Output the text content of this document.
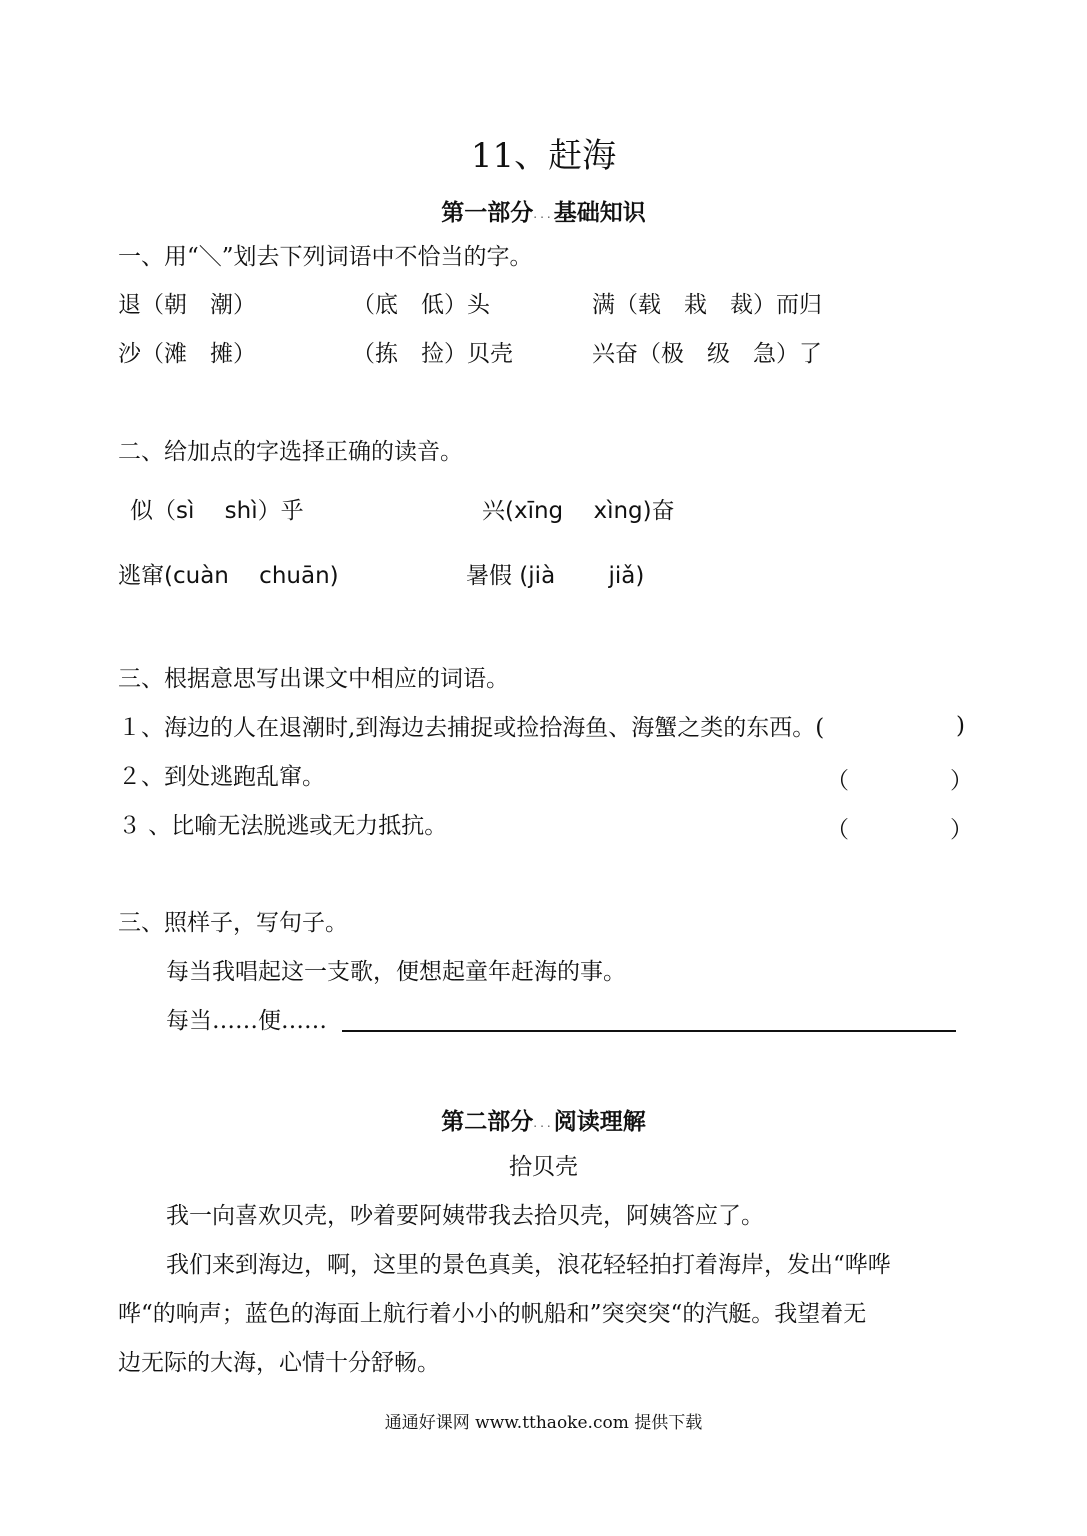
11、赶海
第一部分...基础知识
一、用“＼”划去下列词语中不恰当的字。
退（朝　潮）	（底　低）头	满（载　栽　裁）而归
沙（滩　摊）	（拣　捡）贝壳	兴奋（极　级　急）了
二、给加点的字选择正确的读音。
似（sì　 shì）乎	兴(xīng　 xìng)奋
逃窜(cuàn　 chuān)	暑假 (jià　 　jiǎ)
三、根据意思写出课文中相应的词语。
１、海边的人在退潮时,到海边去捕捉或捡拾海鱼、海蟹之类的东西。(	)
２、到处逃跑乱窜。	（	）
３ 、比喻无法脱逃或无力抵抗。	（	）
三、照样子，写句子。
每当我唱起这一支歌，便想起童年赶海的事。
每当……便……
第二部分...阅读理解
拾贝壳
我一向喜欢贝壳，吵着要阿姨带我去拾贝壳，阿姨答应了。
我们来到海边，啊，这里的景色真美，浪花轻轻拍打着海岸，发出“哗哗
哗“的响声；蓝色的海面上航行着小小的帆船和”突突突“的汽艇。我望着无
边无际的大海，心情十分舒畅。
通通好课网 www.tthaoke.com 提供下载
